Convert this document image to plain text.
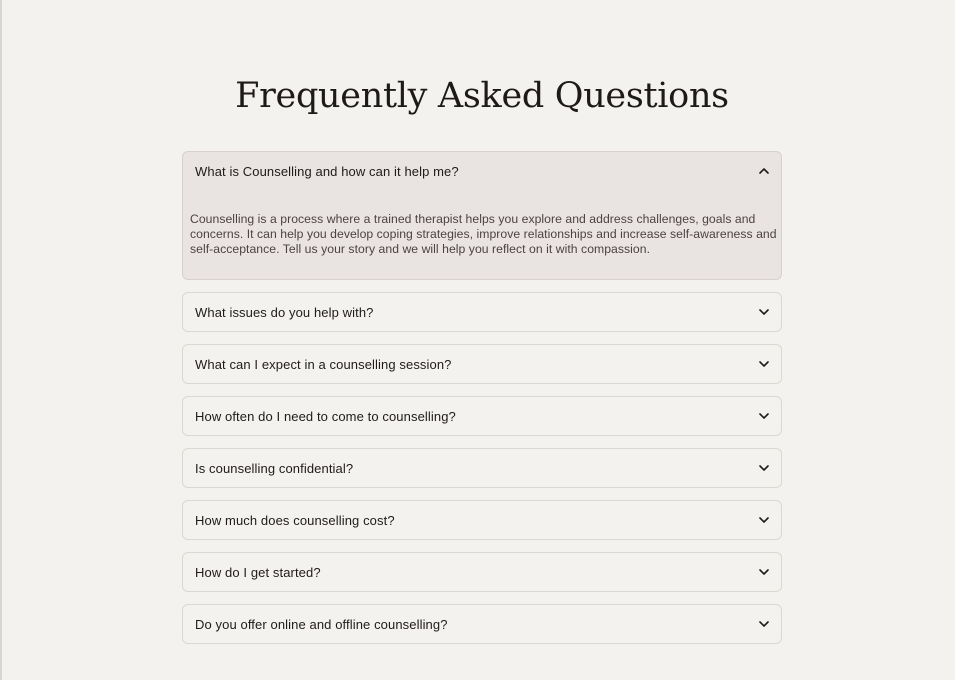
Frequently Asked Questions
What is Counselling and how can it help me?
Counselling is a process where a trained therapist helps you explore and address challenges, goals and concerns. It can help you develop coping strategies, improve relationships and increase self-awareness and self-acceptance. Tell us your story and we will help you reflect on it with compassion.
What issues do you help with?
What can I expect in a counselling session?
How often do I need to come to counselling?
Is counselling confidential?
How much does counselling cost?
How do I get started?
Do you offer online and offline counselling?
